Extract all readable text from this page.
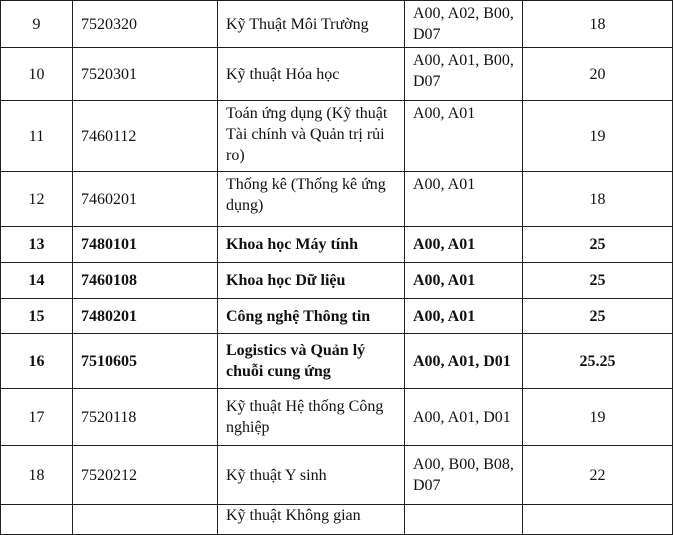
9	7520320	Kỹ Thuật Môi Trường	A00, A02, B00, D07	18
10	7520301	Kỹ thuật Hóa học	A00, A01, B00, D07	20
11	7460112	Toán ứng dụng (Kỹ thuật Tài chính và Quản trị rủi ro)	A00, A01	19
12	7460201	Thống kê (Thống kê ứng dụng)	A00, A01	18
13	7480101	Khoa học Máy tính	A00, A01	25
14	7460108	Khoa học Dữ liệu	A00, A01	25
15	7480201	Công nghệ Thông tin	A00, A01	25
16	7510605	Logistics và Quản lý chuỗi cung ứng	A00, A01, D01	25.25
17	7520118	Kỹ thuật Hệ thống Công nghiệp	A00, A01, D01	19
18	7520212	Kỹ thuật Y sinh	A00, B00, B08, D07	22
		Kỹ thuật Không gian		
